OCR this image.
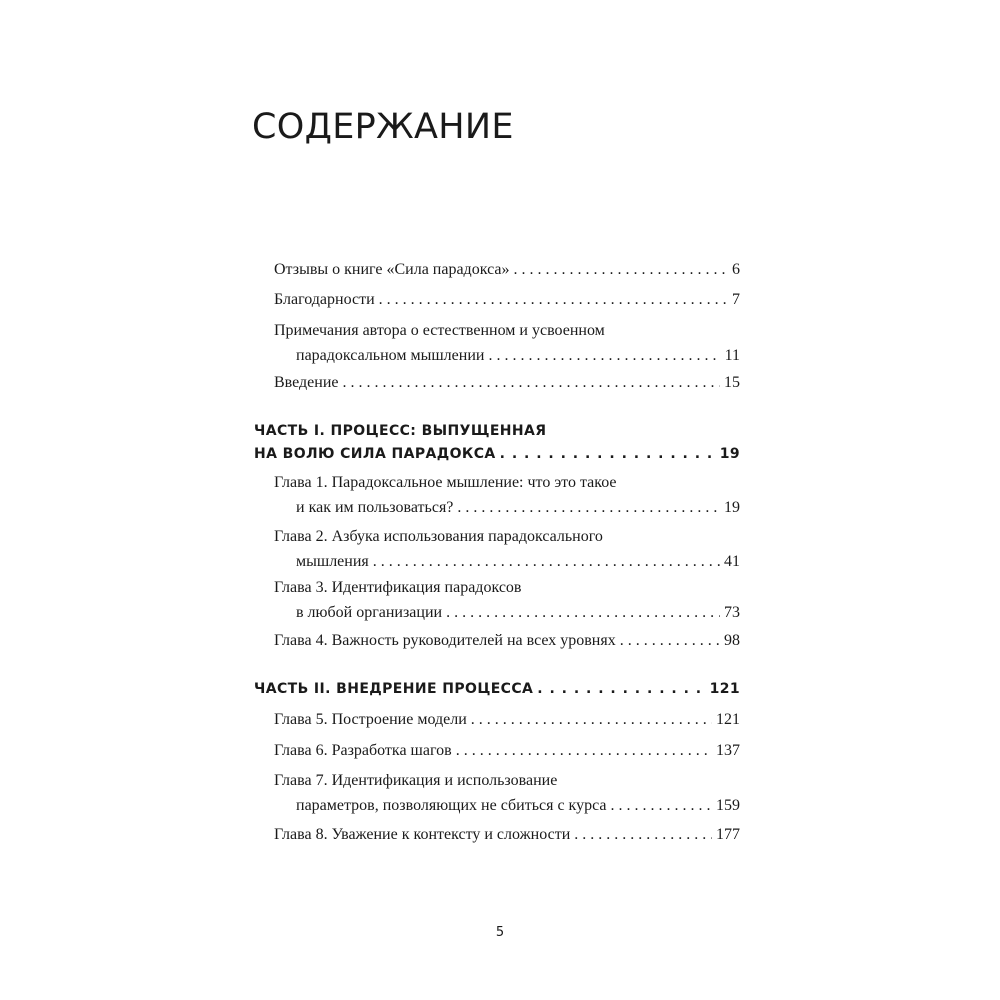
СОДЕРЖАНИЕ
Отзывы о книге «Сила парадокса» . . .	6
Благодарности . . .	7
Примечания автора о естественном и усвоенном
парадоксальном мышлении . . .	11
Введение . . .	15
ЧАСТЬ I. ПРОЦЕСС: ВЫПУЩЕННАЯ
НА ВОЛЮ СИЛА ПАРАДОКСА . . .	19
Глава 1. Парадоксальное мышление: что это такое
и как им пользоваться? . . .	19
Глава 2. Азбука использования парадоксального
мышления . . .	41
Глава 3. Идентификация парадоксов
в любой организации . . .	73
Глава 4. Важность руководителей на всех уровнях . . .	98
ЧАСТЬ II. ВНЕДРЕНИЕ ПРОЦЕССА . . .	121
Глава 5. Построение модели . . .	121
Глава 6. Разработка шагов . . .	137
Глава 7. Идентификация и использование
параметров, позволяющих не сбиться с курса . . .	159
Глава 8. Уважение к контексту и сложности . . .	177
5
